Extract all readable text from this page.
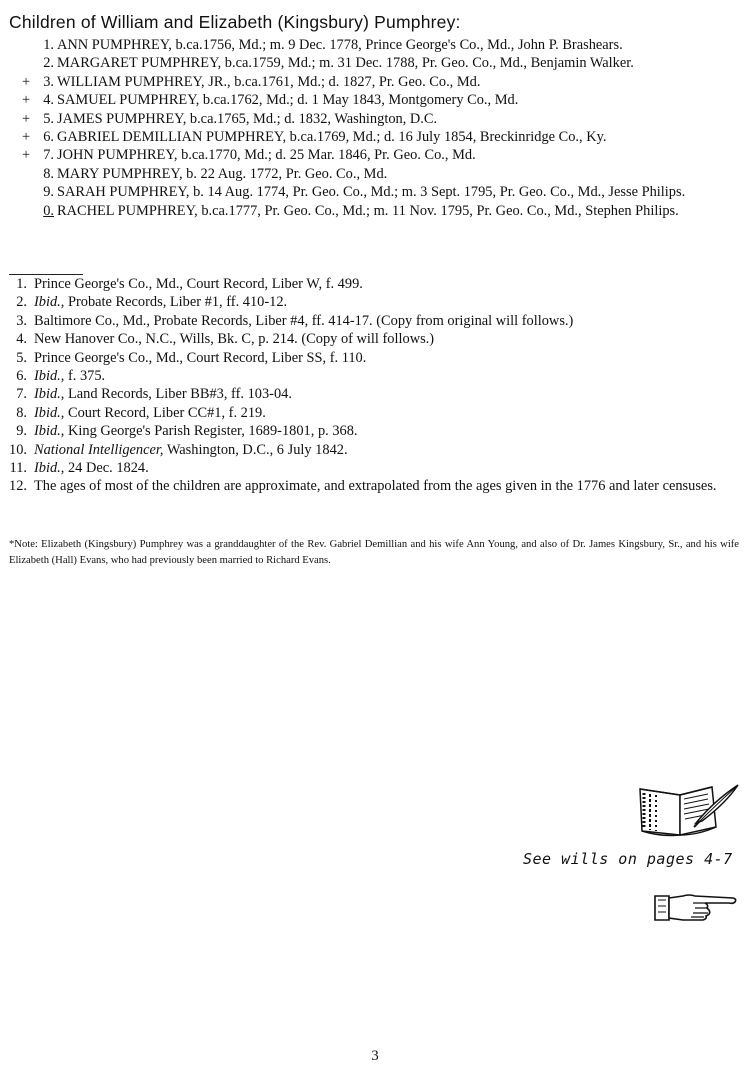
Children of William and Elizabeth (Kingsbury) Pumphrey:
1. ANN PUMPHREY, b.ca.1756, Md.; m. 9 Dec. 1778, Prince George's Co., Md., John P. Brashears.
2. MARGARET PUMPHREY, b.ca.1759, Md.; m. 31 Dec. 1788, Pr. Geo. Co., Md., Benjamin Walker.
+ 3. WILLIAM PUMPHREY, JR., b.ca.1761, Md.; d. 1827, Pr. Geo. Co., Md.
+ 4. SAMUEL PUMPHREY, b.ca.1762, Md.; d. 1 May 1843, Montgomery Co., Md.
+ 5. JAMES PUMPHREY, b.ca.1765, Md.; d. 1832, Washington, D.C.
+ 6. GABRIEL DEMILLIAN PUMPHREY, b.ca.1769, Md.; d. 16 July 1854, Breckinridge Co., Ky.
+ 7. JOHN PUMPHREY, b.ca.1770, Md.; d. 25 Mar. 1846, Pr. Geo. Co., Md.
8. MARY PUMPHREY, b. 22 Aug. 1772, Pr. Geo. Co., Md.
9. SARAH PUMPHREY, b. 14 Aug. 1774, Pr. Geo. Co., Md.; m. 3 Sept. 1795, Pr. Geo. Co., Md., Jesse Philips.
0. RACHEL PUMPHREY, b.ca.1777, Pr. Geo. Co., Md.; m. 11 Nov. 1795, Pr. Geo. Co., Md., Stephen Philips.
1. Prince George's Co., Md., Court Record, Liber W, f. 499.
2. Ibid., Probate Records, Liber #1, ff. 410-12.
3. Baltimore Co., Md., Probate Records, Liber #4, ff. 414-17. (Copy from original will follows.)
4. New Hanover Co., N.C., Wills, Bk. C, p. 214. (Copy of will follows.)
5. Prince George's Co., Md., Court Record, Liber SS, f. 110.
6. Ibid., f. 375.
7. Ibid., Land Records, Liber BB#3, ff. 103-04.
8. Ibid., Court Record, Liber CC#1, f. 219.
9. Ibid., King George's Parish Register, 1689-1801, p. 368.
10. National Intelligencer, Washington, D.C., 6 July 1842.
11. Ibid., 24 Dec. 1824.
12. The ages of most of the children are approximate, and extrapolated from the ages given in the 1776 and later censuses.
*Note: Elizabeth (Kingsbury) Pumphrey was a granddaughter of the Rev. Gabriel Demillian and his wife Ann Young, and also of Dr. James Kingsbury, Sr., and his wife Elizabeth (Hall) Evans, who had previously been married to Richard Evans.
See wills on pages 4-7
3
